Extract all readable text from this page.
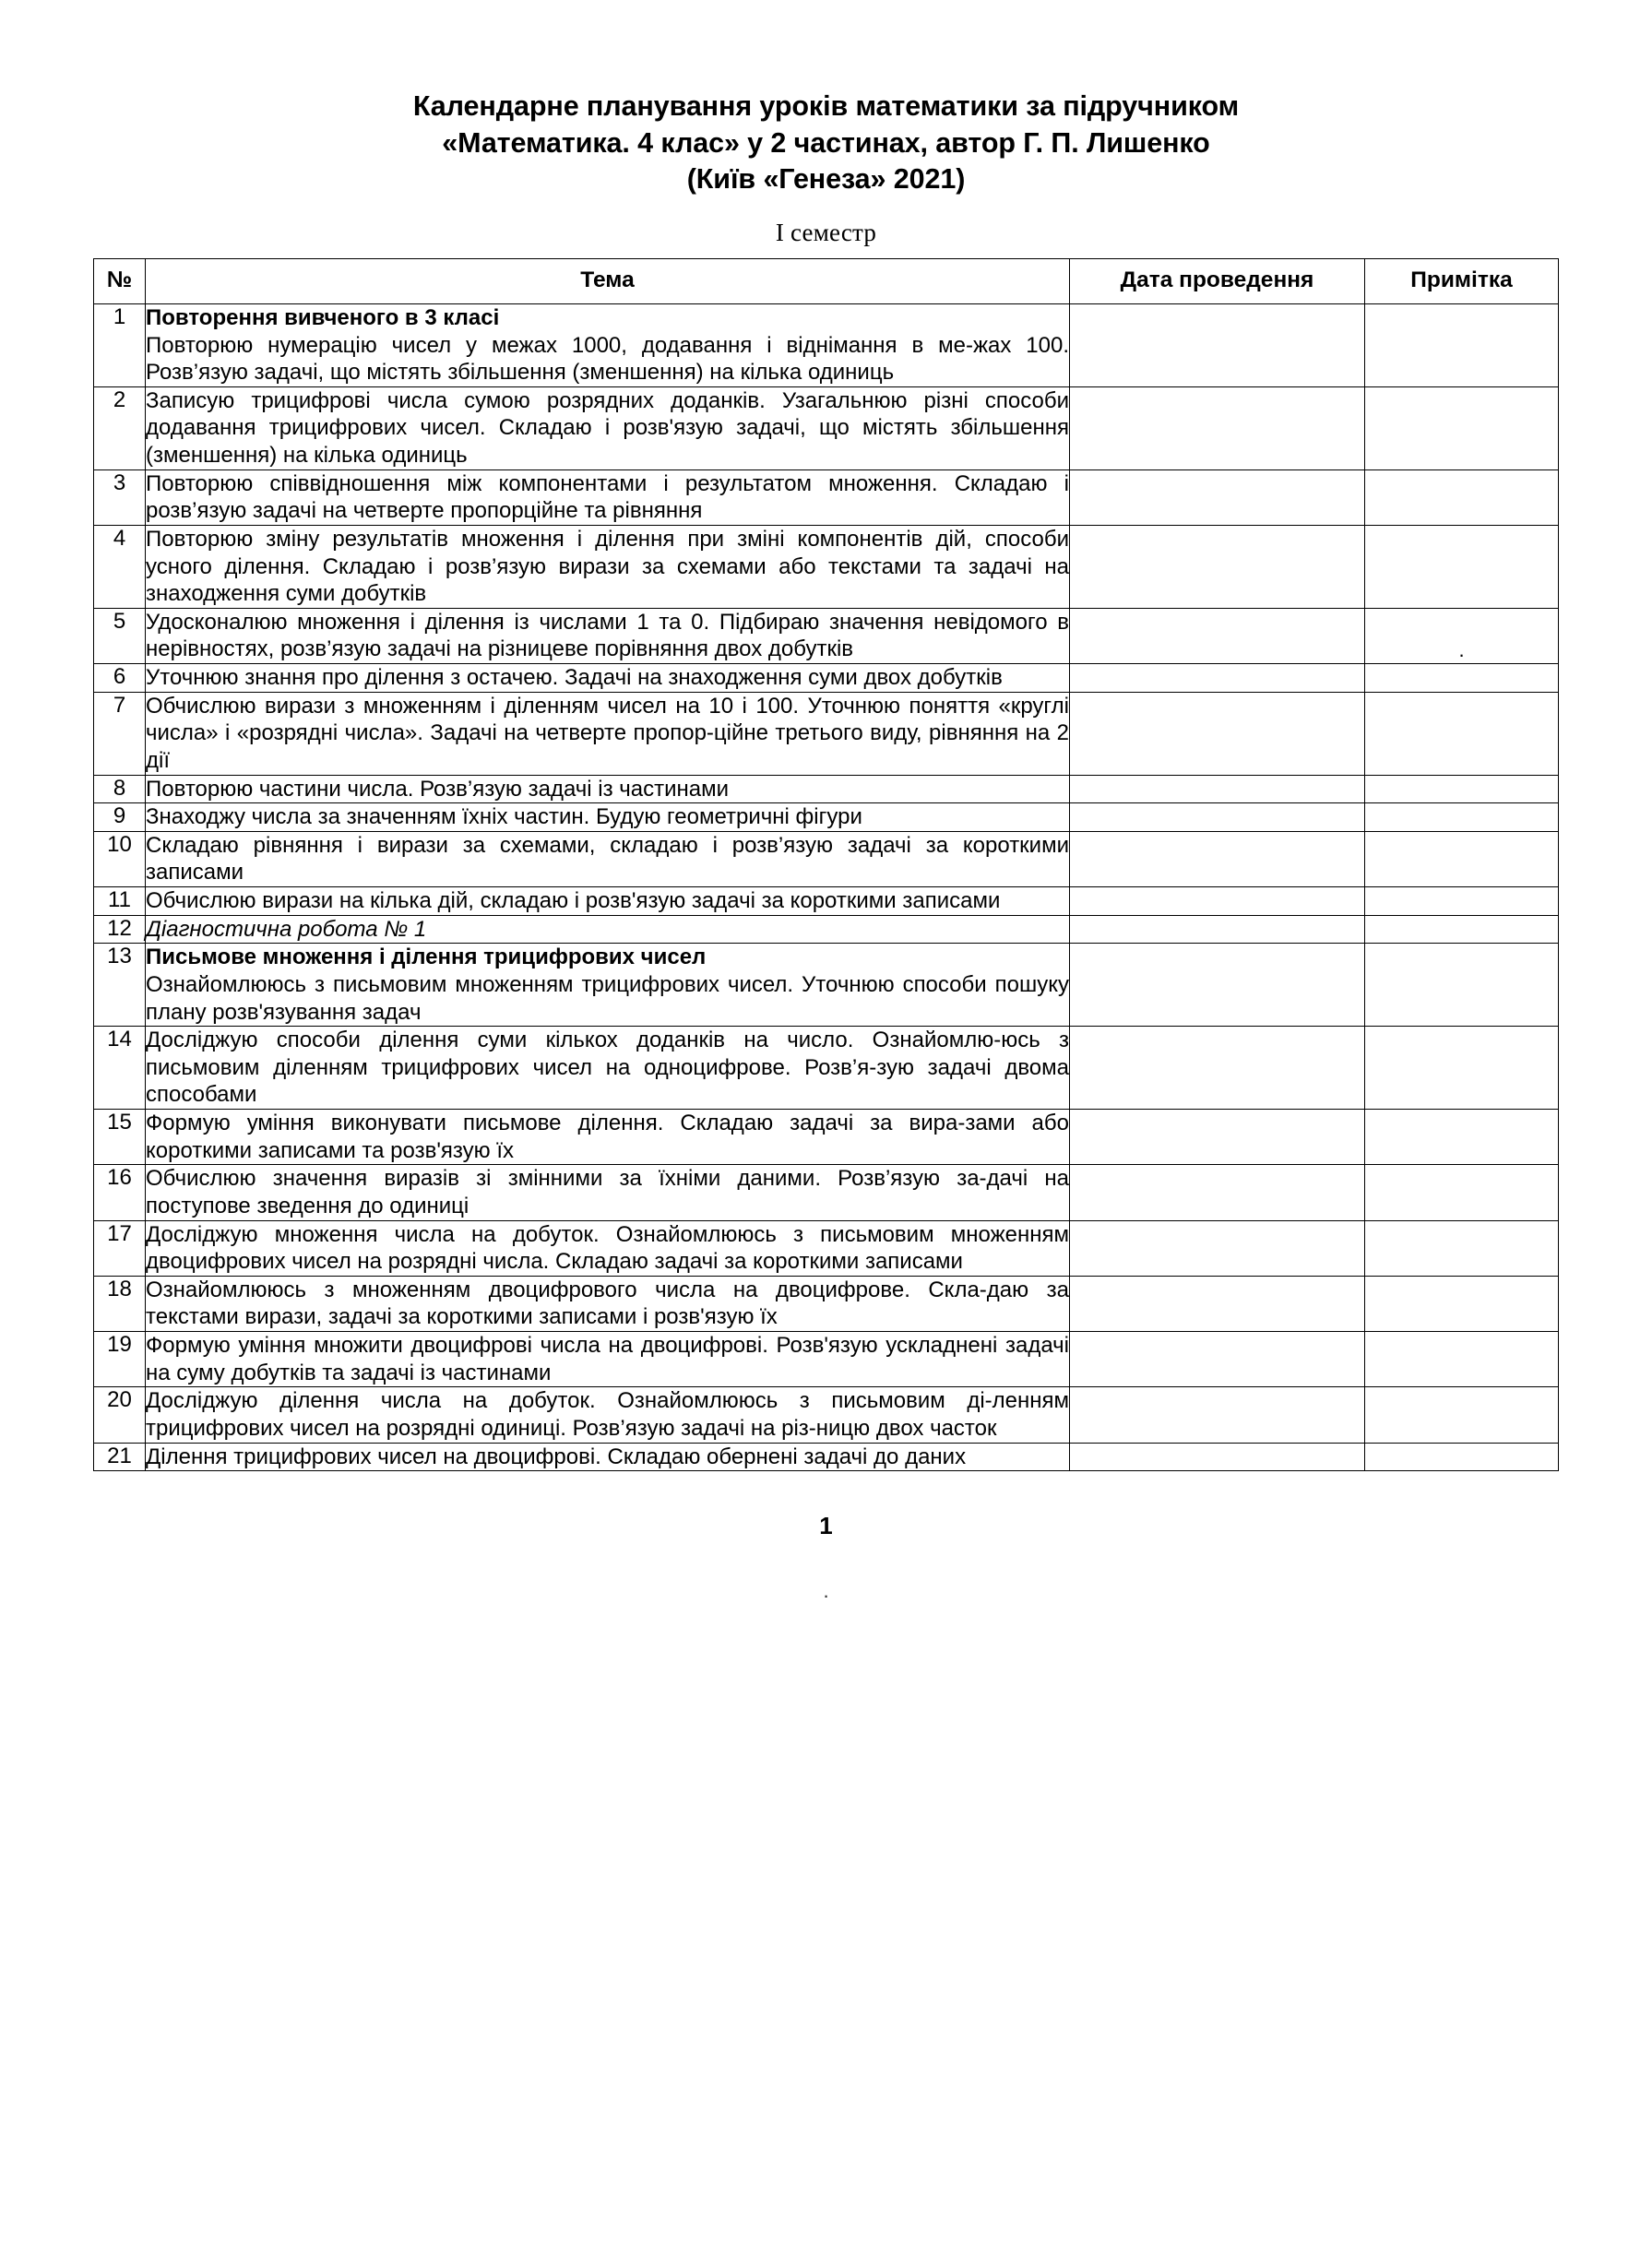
Календарне планування уроків математики за підручником
«Математика. 4 клас» у 2 частинах, автор Г. П. Лишенко
(Київ «Генеза» 2021)
I семестр
№	Тема	Дата проведення	Примітка
1	Повторення вивченого в 3 класі
Повторюю нумерацію чисел у межах 1000, додавання і віднімання в ме-жах 100. Розв’язую задачі, що містять збільшення (зменшення) на кілька одиниць		

2	Записую трицифрові числа сумою розрядних доданків. Узагальнюю різні способи додавання трицифрових чисел. Складаю і розв'язую задачі, що містять збільшення (зменшення) на кілька одиниць		

3	Повторюю співвідношення між компонентами і результатом множення. Складаю і розв’язую задачі на четверте пропорційне та рівняння		

4	Повторюю зміну результатів множення і ділення при зміні компонентів дій, способи усного ділення. Складаю і розв’язую вирази за схемами або текстами та задачі на знаходження суми добутків		

5	Удосконалюю множення і ділення із числами 1 та 0. Підбираю значення невідомого в нерівностях, розв’язую задачі на різницеве порівняння двох добутків		.

6	Уточнюю знання про ділення з остачею. Задачі на знаходження суми двох добутків		

7	Обчислюю вирази з множенням і діленням чисел на 10 і 100. Уточнюю поняття «круглі числа» і «розрядні числа». Задачі на четверте пропор-ційне третього виду, рівняння на 2 дії		

8	Повторюю частини числа. Розв’язую задачі із частинами		

9	Знаходжу числа за значенням їхніх частин. Будую геометричні фігури		

10	Складаю рівняння і вирази за схемами, складаю і розв’язую задачі за короткими записами		

11	Обчислюю вирази на кілька дій, складаю і розв'язую задачі за короткими записами		

12	Діагностична робота № 1		

13	Письмове множення і ділення трицифрових чисел
Ознайомлююсь з письмовим множенням трицифрових чисел. Уточнюю способи пошуку плану розв'язування задач		

14	Досліджую способи ділення суми кількох доданків на число. Ознайомлю-юсь з письмовим діленням трицифрових чисел на одноцифрове. Розв’я-зую задачі двома способами		

15	Формую уміння виконувати письмове ділення. Складаю задачі за вира-зами або короткими записами та розв'язую їх		

16	Обчислюю значення виразів зі змінними за їхніми даними. Розв’язую за-дачі на поступове зведення до одиниці		

17	Досліджую множення числа на добуток. Ознайомлююсь з письмовим множенням двоцифрових чисел на розрядні числа. Складаю задачі за короткими записами		

18	Ознайомлююсь з множенням двоцифрового числа на двоцифрове. Скла-даю за текстами вирази, задачі за короткими записами і розв'язую їх		

19	Формую уміння множити двоцифрові числа на двоцифрові. Розв'язую ускладнені задачі на суму добутків та задачі із частинами		

20	Досліджую ділення числа на добуток. Ознайомлююсь з письмовим ді-ленням трицифрових чисел на розрядні одиниці. Розв’язую задачі на різ-ницю двох часток		

21	Ділення трицифрових чисел на двоцифрові. Складаю обернені задачі до даних		

1
.
